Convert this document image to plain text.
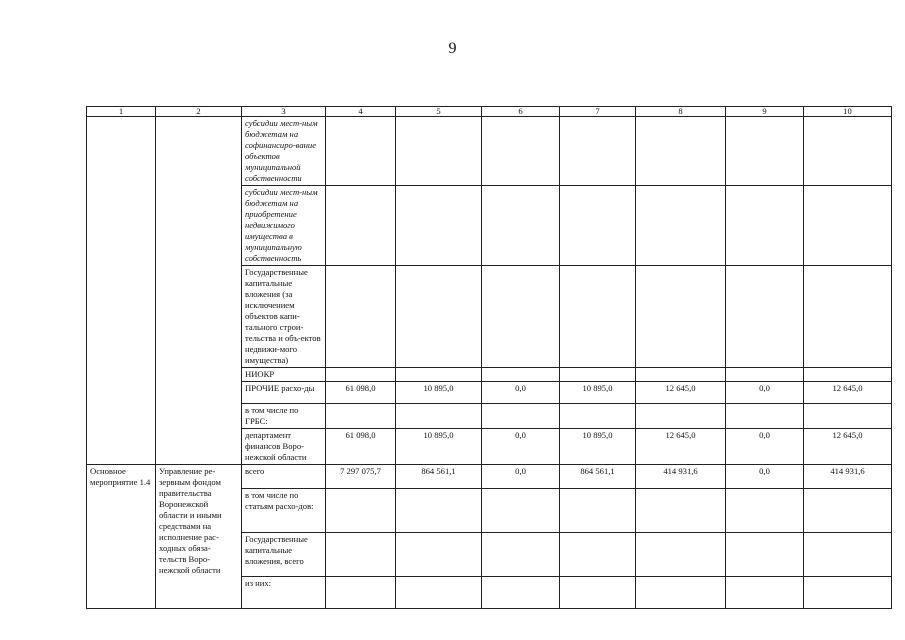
9
1	2	3	4	5	6	7	8	9	10
		субсидии мест-ным бюджетам на софинансиро-вание объектов муниципальной собственности							
		субсидии мест-ным бюджетам на приобретение недвижимого имущества в муниципальную собственность							
		Государственные капитальные вложения (за исключением объектов капи-тального строи-тельства и объ-ектов недвижи-мого имущества)							
		НИОКР							
		ПРОЧИЕ расхо-ды	61 098,0	10 895,0	0,0	10 895,0	12 645,0	0,0	12 645,0
		в том числе по ГРБС:							
		департамент финансов Воро-нежской области	61 098,0	10 895,0	0,0	10 895,0	12 645,0	0,0	12 645,0
Основное мероприятие 1.4	Управление ре-зервным фондом правительства Воронежской области и иными средствами на исполнение рас-ходных обяза-тельств Воро-нежской области	всего	7 297 075,7	864 561,1	0,0	864 561,1	414 931,6	0,0	414 931,6
		в том числе по статьям расхо-дов:							
		Государственные капитальные вложения, всего							
		из них:							
